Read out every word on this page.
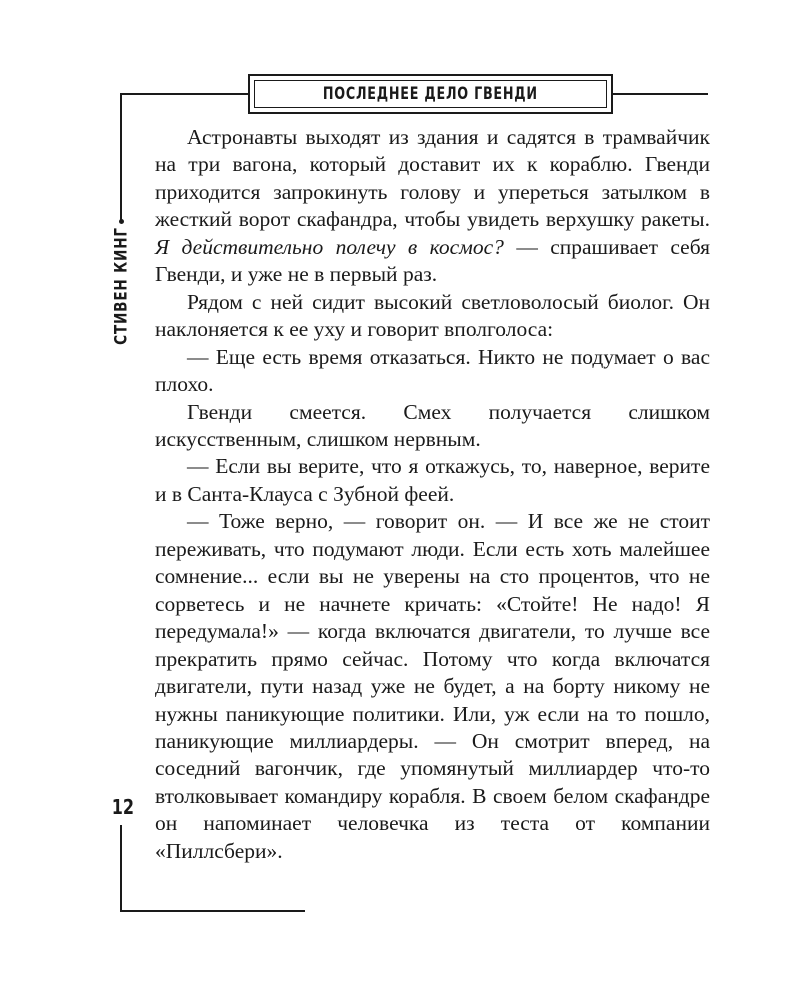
ПОСЛЕДНЕЕ ДЕЛО ГВЕНДИ
СТИВЕН КИНГ
12

Астронавты выходят из здания и садятся в трамвайчик на три вагона, который доставит их к кораблю. Гвенди приходится запрокинуть голову и упереться затылком в жесткий ворот скафандра, чтобы увидеть верхушку ракеты. Я действительно полечу в космос? — спрашивает себя Гвенди, и уже не в первый раз.

Рядом с ней сидит высокий светловолосый биолог. Он наклоняется к ее уху и говорит вполголоса:

— Еще есть время отказаться. Никто не подумает о вас плохо.

Гвенди смеется. Смех получается слишком искусственным, слишком нервным.

— Если вы верите, что я откажусь, то, наверное, верите и в Санта-Клауса с Зубной феей.

— Тоже верно, — говорит он. — И все же не стоит переживать, что подумают люди. Если есть хоть малейшее сомнение... если вы не уверены на сто процентов, что не сорветесь и не начнете кричать: «Стойте! Не надо! Я передумала!» — когда включатся двигатели, то лучше все прекратить прямо сейчас. Потому что когда включатся двигатели, пути назад уже не будет, а на борту никому не нужны паникующие политики. Или, уж если на то пошло, паникующие миллиардеры. — Он смотрит вперед, на соседний вагончик, где упомянутый миллиардер что-то втолковывает командиру корабля. В своем белом скафандре он напоминает человечка из теста от компании «Пиллсбери».
